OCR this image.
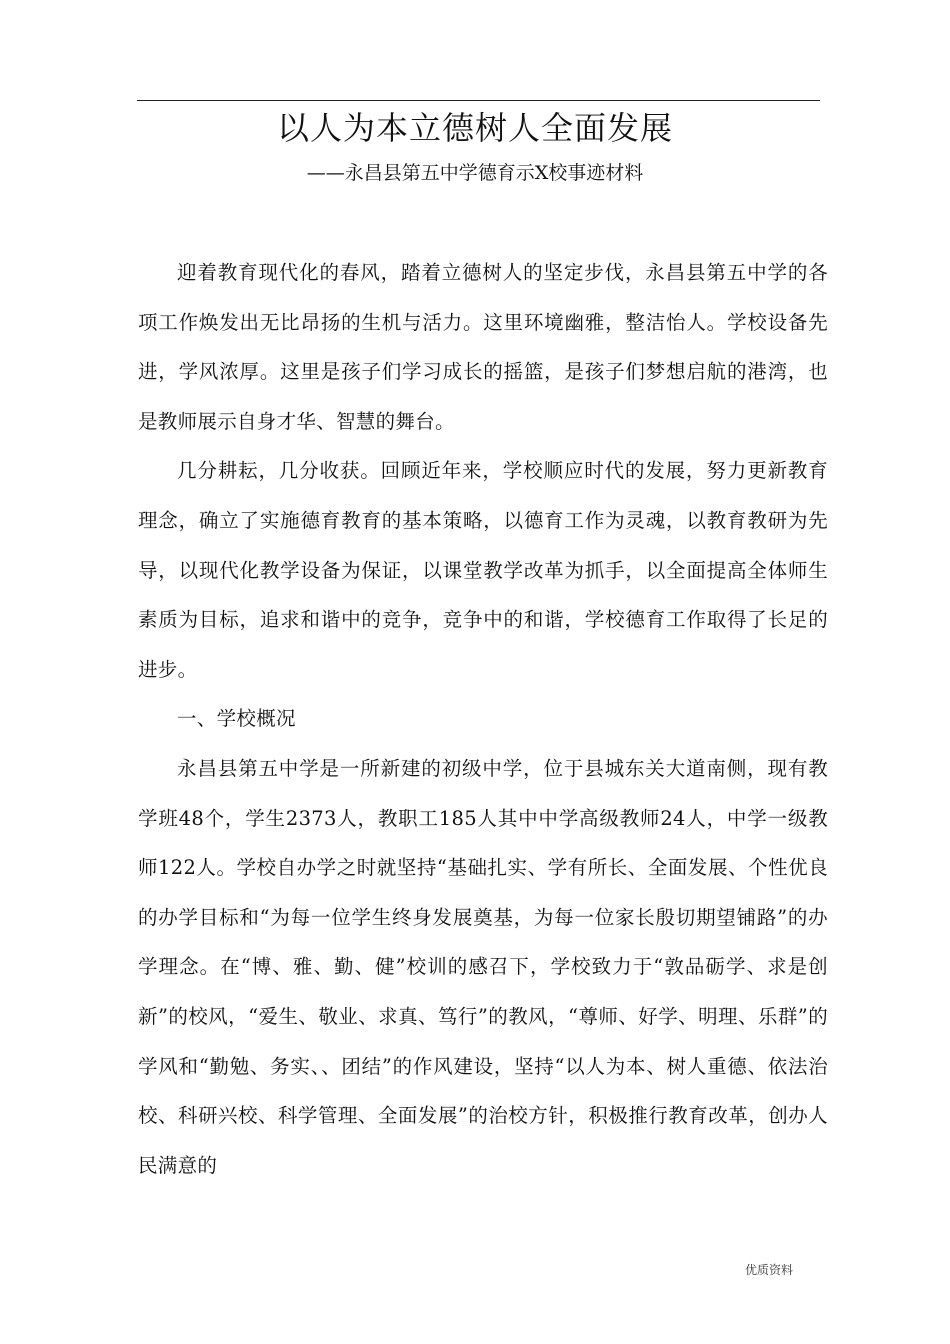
以人为本立德树人全面发展

——永昌县第五中学德育示X校事迹材料

迎着教育现代化的春风，踏着立德树人的坚定步伐，永昌县第五中学的各项工作焕发出无比昂扬的生机与活力。这里环境幽雅，整洁怡人。学校设备先进，学风浓厚。这里是孩子们学习成长的摇篮，是孩子们梦想启航的港湾，也是教师展示自身才华、智慧的舞台。

几分耕耘，几分收获。回顾近年来，学校顺应时代的发展，努力更新教育理念，确立了实施德育教育的基本策略，以德育工作为灵魂，以教育教研为先导，以现代化教学设备为保证，以课堂教学改革为抓手，以全面提高全体师生素质为目标，追求和谐中的竞争，竞争中的和谐，学校德育工作取得了长足的进步。

一、学校概况

永昌县第五中学是一所新建的初级中学，位于县城东关大道南侧，现有教学班48个，学生2373人，教职工185人其中中学高级教师24人，中学一级教师122人。学校自办学之时就坚持“基础扎实、学有所长、全面发展、个性优良的办学目标和“为每一位学生终身发展奠基，为每一位家长殷切期望铺路”的办学理念。在“博、雅、勤、健”校训的感召下，学校致力于“敦品砺学、求是创新”的校风，“爱生、敬业、求真、笃行”的教风，“尊师、好学、明理、乐群”的学风和“勤勉、务实、、团结”的作风建设，坚持“以人为本、树人重德、依法治校、科研兴校、科学管理、全面发展”的治校方针，积极推行教育改革，创办人民满意的

优质资料
